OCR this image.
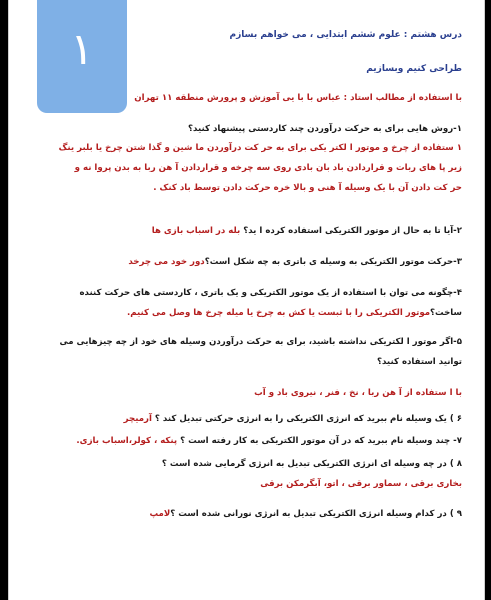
١	درس هشتم : علوم ششم ابتدایی ، می خواهم بسازم
طراحی کنیم وبسازیم
با استفاده از مطالب استاد : عباس با با یی آموزش و پرورش منطقه ١١ تهران
١-روش هایی برای به حرکت درآوردن چند کاردستی پیشنهاد کنید؟
١ ستفاده از چرخ و موتور ا لکتر یکی برای به حر کت درآوردن ما شین و گذا شتن چرخ یا بلبر ینگ
زیر پا های ربات و قراردادن باد بان بادی روی سه چرخه و قراردادن آ هن ربا به بدن پروا نه و
حر کت دادن آن با یک وسیله آ هنی و بالا خره حرکت دادن توسط باد کنک .
٢-آیا تا به حال از موتور الکتریکی استفاده کرده ا ید؟ بله در اسباب بازی ها
٣-حرکت موتور الکتریکی به وسیله ی باتری به چه شکل است؟دور خود می چرخد
۴-چگونه می توان با استفاده از یک موتور الکتریکی و یک باتری ، کاردستی های حرکت کننده
ساخت؟موتور الکتریکی را با ثبست یا کش به چرخ یا میله چرخ ها وصل می کنیم.
۵-اگر موتور ا لکتریکی نداشته باشید، برای به حرکت درآوردن وسیله های خود از چه چیزهایی می
توانید استفاده کنید؟
با ا ستفاده از آ هن ربا ، نخ ، فنر ، نیروی باد و آب
۶ ) یک وسیله نام ببرید که انرژی الکتریکی را به انرژی حرکتی تبدیل کند ؟ آرمیچر
٧- چند وسیله نام ببرید که در آن موتور الکتریکی به کار رفته است ؟ پنکه ، کولر،اسباب بازی.
٨ ) در چه وسیله ای انرژی الکتریکی تبدیل به انرژی گرمایی شده است ؟
بخاری برقی ، سماور برقی ، اتو، آبگرمکن برقی
٩ ) در کدام وسیله انرژی الکتریکی تبدیل به انرژی نورانی شده است ؟لامپ
